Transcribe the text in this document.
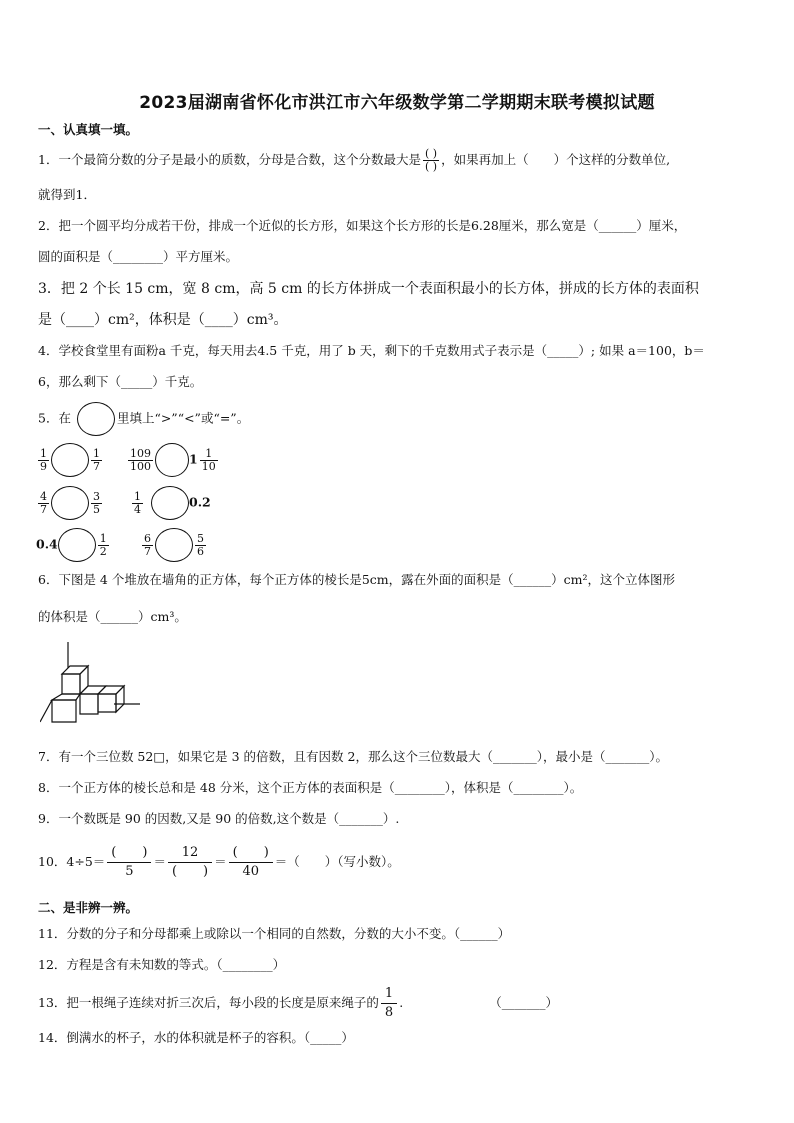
2023届湖南省怀化市洪江市六年级数学第二学期期末联考模拟试题
一、认真填一填。
1．一个最简分数的分子是最小的质数，分母是合数，这个分数最大是 $\frac{( )}{( )}$ ，如果再加上（　　）个这样的分数单位,
就得到1．
2．把一个圆平均分成若干份，排成一个近似的长方形，如果这个长方形的长是6.28厘米，那么宽是（______）厘米，
圆的面积是（________）平方厘米。
3．把 2 个长 15 cm，宽 8 cm，高 5 cm 的长方体拼成一个表面积最小的长方体，拼成的长方体的表面积
是（____）cm²，体积是（____）cm³。
4．学校食堂里有面粉a 千克，每天用去4.5 千克，用了 b 天，剩下的千克数用式子表示是（_____）; 如果 a＝100，b＝
6，那么剩下（_____）千克。
5．在	里填上“>”“<”或“=”。
$\frac{1}{9}$	$\frac{1}{7} \frac{109}{100}$	$1 \frac{1}{10}$
$\frac{4}{7}$	$\frac{3}{5}$	$\frac{1}{4}$	0.2
0.4	$\frac{1}{2}$	$\frac{6}{7}$	$\frac{5}{6}$
6．下图是 4 个堆放在墙角的正方体，每个正方体的棱长是5cm，露在外面的面积是（______）cm²，这个立体图形
的体积是（______）cm³。
7．有一个三位数 52□，如果它是 3 的倍数，且有因数 2，那么这个三位数最大（_______），最小是（_______）。
8．一个正方体的棱长总和是 48 分米，这个正方体的表面积是（________），体积是（________）。
9．一个数既是 90 的因数,又是 90 的倍数,这个数是（_______）.
10．$4\div 5= \frac{( )}{5} = \frac{12}{( )} = \frac{( )}{40}$ ＝（　　）（写小数）。
二、是非辨一辨。
11．分数的分子和分母都乘上或除以一个相同的自然数，分数的大小不变。（______）
12．方程是含有未知数的等式。（________）
13．把一根绳子连续对折三次后，每小段的长度是原来绳子的 $\frac{1}{8}$ .	（_______）
14．倒满水的杯子，水的体积就是杯子的容积。（_____）
